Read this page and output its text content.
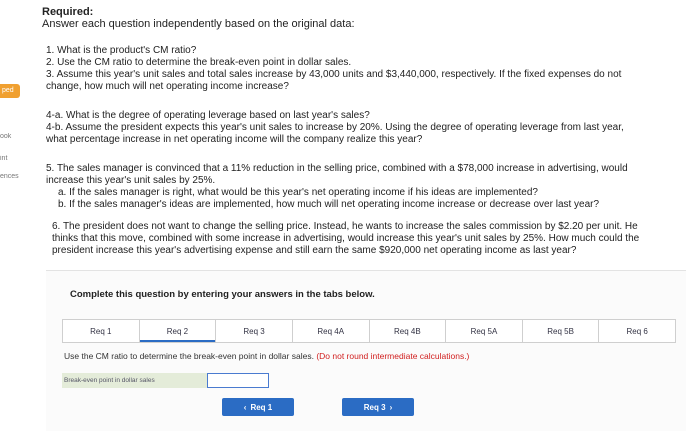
ped
ook
int
ences
Required:
Answer each question independently based on the original data:
1. What is the product's CM ratio?
2. Use the CM ratio to determine the break-even point in dollar sales.
3. Assume this year's unit sales and total sales increase by 43,000 units and $3,440,000, respectively. If the fixed expenses do not
change, how much will net operating income increase?
4-a. What is the degree of operating leverage based on last year's sales?
4-b. Assume the president expects this year's unit sales to increase by 20%. Using the degree of operating leverage from last year,
what percentage increase in net operating income will the company realize this year?
5. The sales manager is convinced that a 11% reduction in the selling price, combined with a $78,000 increase in advertising, would
increase this year's unit sales by 25%.
a. If the sales manager is right, what would be this year's net operating income if his ideas are implemented?
b. If the sales manager's ideas are implemented, how much will net operating income increase or decrease over last year?
6. The president does not want to change the selling price. Instead, he wants to increase the sales commission by $2.20 per unit. He
thinks that this move, combined with some increase in advertising, would increase this year's unit sales by 25%. How much could the
president increase this year's advertising expense and still earn the same $920,000 net operating income as last year?
Complete this question by entering your answers in the tabs below.
Req 1	Req 2	Req 3	Req 4A	Req 4B	Req 5A	Req 5B	Req 6
Use the CM ratio to determine the break-even point in dollar sales. (Do not round intermediate calculations.)
Break-even point in dollar sales
‹ Req 1	Req 3 ›
